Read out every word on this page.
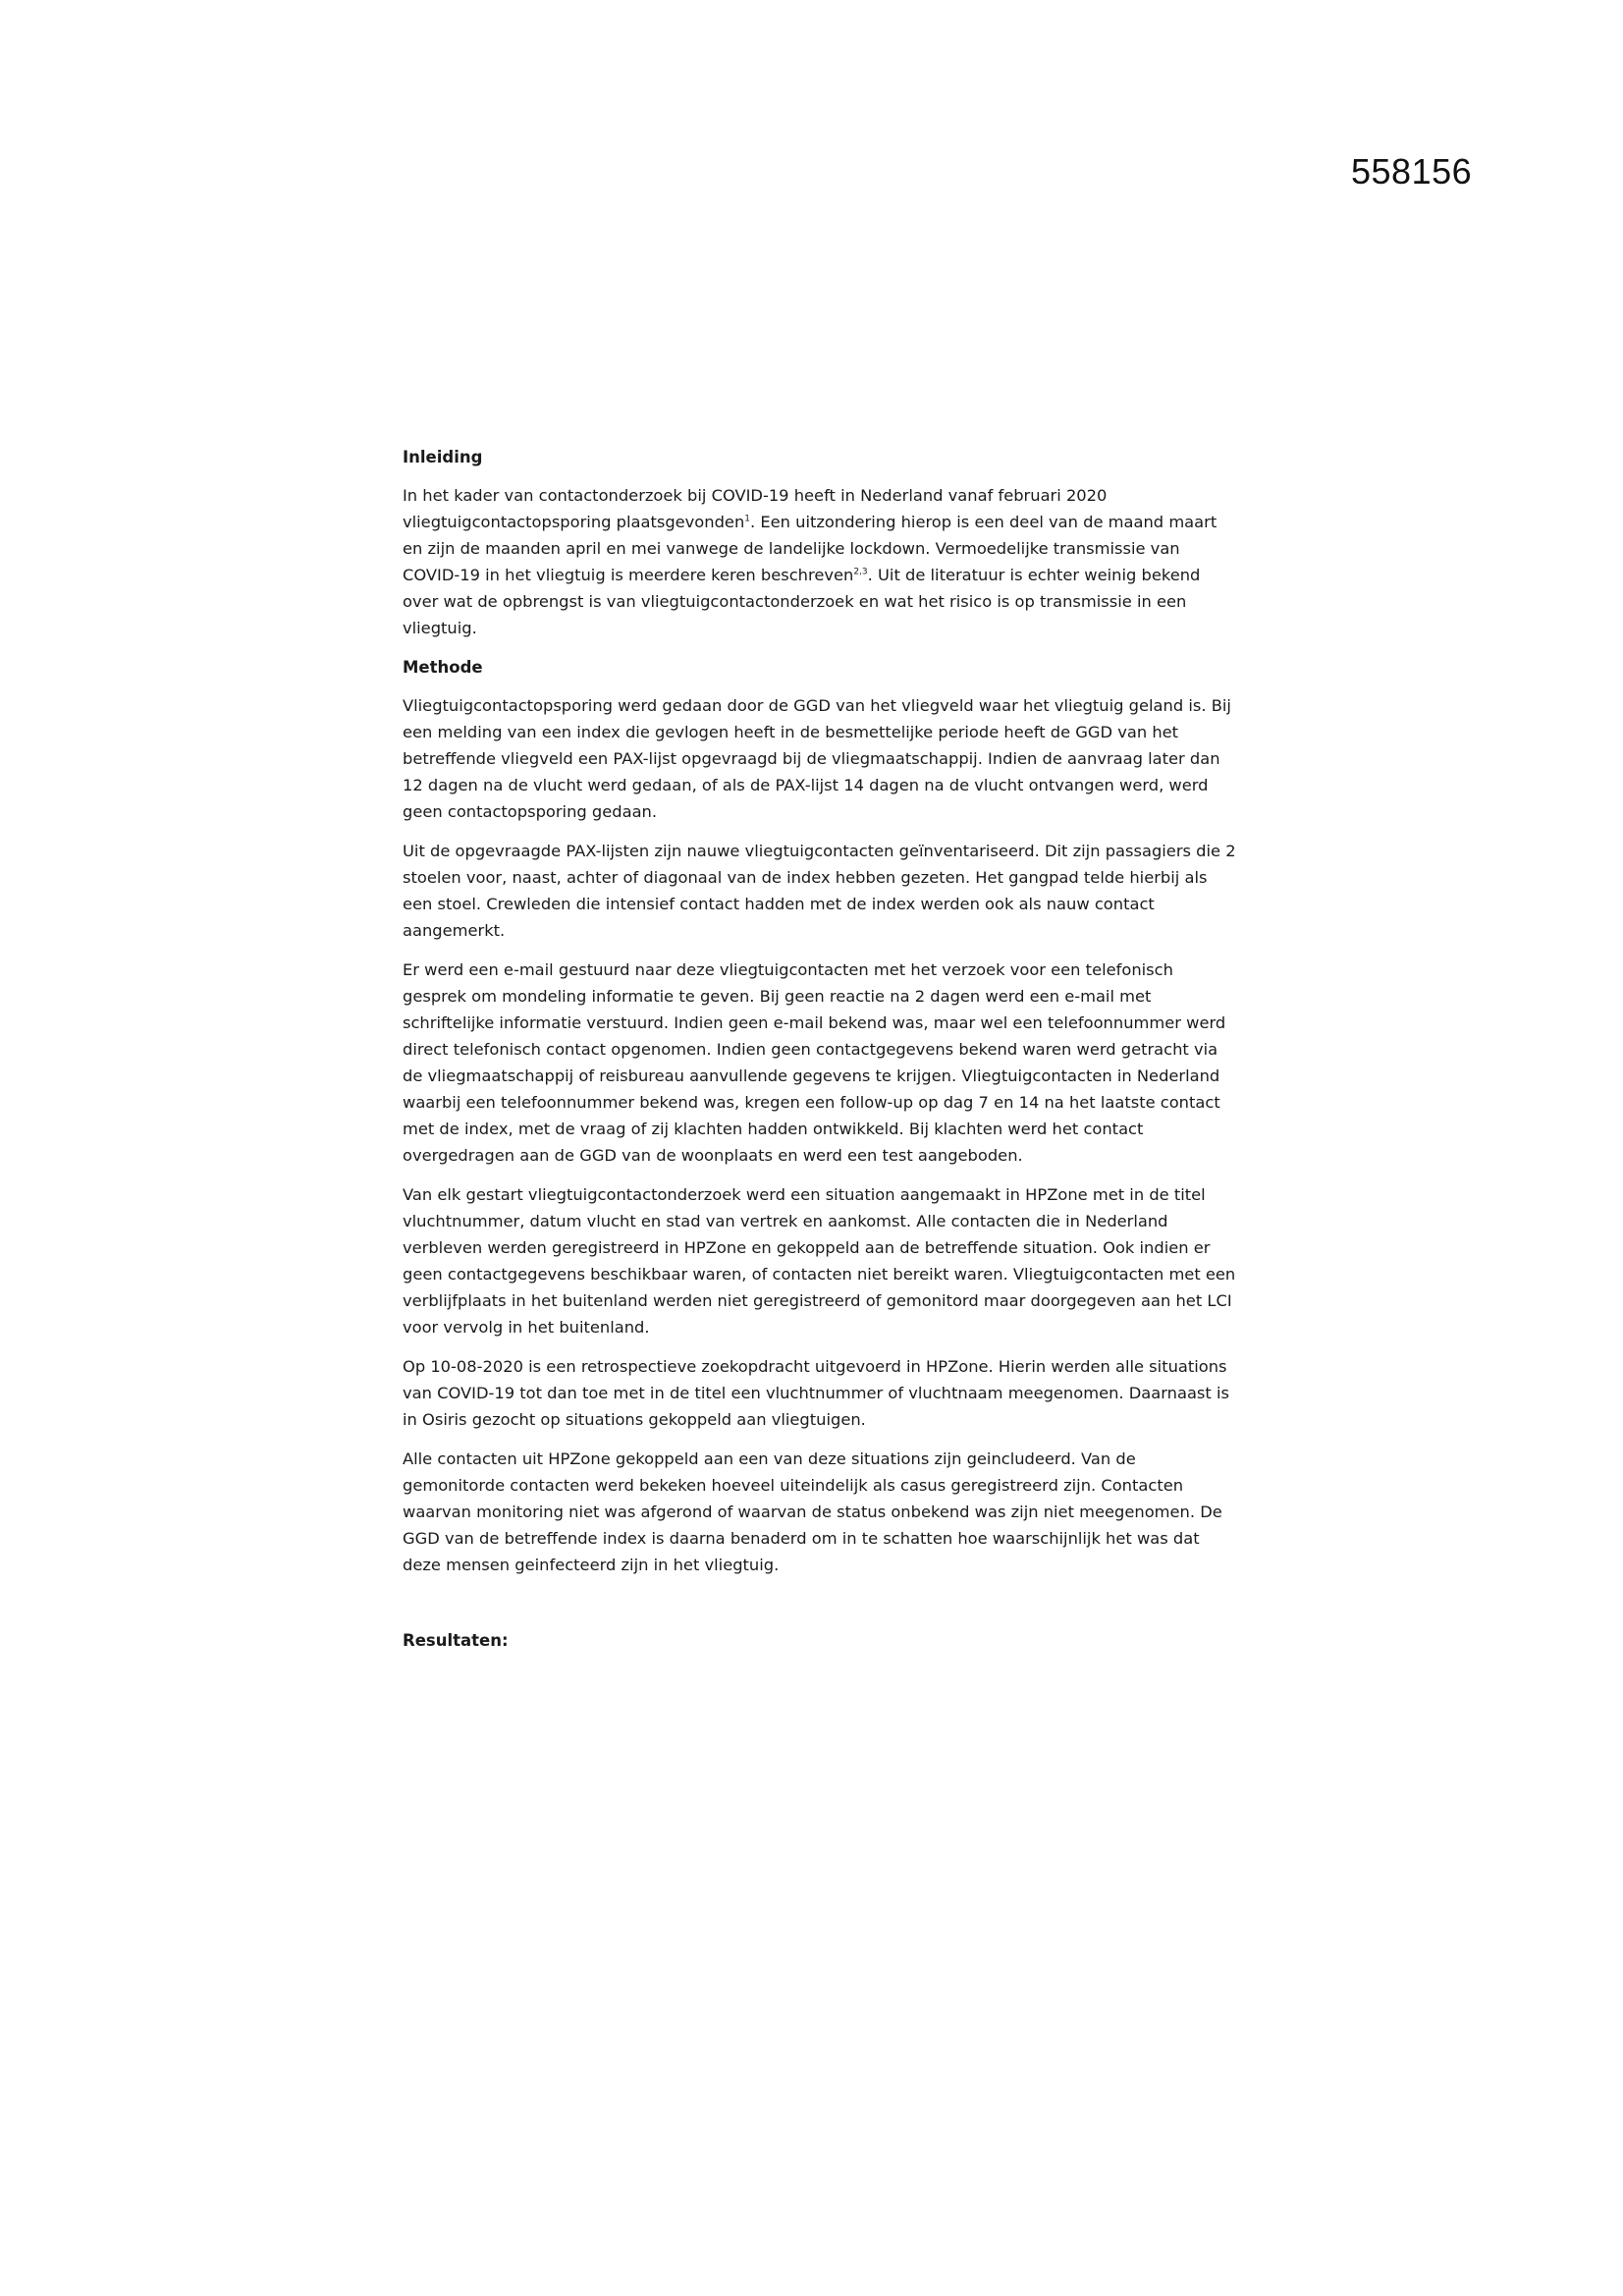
558156
Inleiding

In het kader van contactonderzoek bij COVID-19 heeft in Nederland vanaf februari 2020 vliegtuigcontactopsporing plaatsgevonden$^1$. Een uitzondering hierop is een deel van de maand maart en zijn de maanden april en mei vanwege de landelijke lockdown. Vermoedelijke transmissie van COVID-19 in het vliegtuig is meerdere keren beschreven$^{2,3}$. Uit de literatuur is echter weinig bekend over wat de opbrengst is van vliegtuigcontactonderzoek en wat het risico is op transmissie in een vliegtuig.

Methode

Vliegtuigcontactopsporing werd gedaan door de GGD van het vliegveld waar het vliegtuig geland is. Bij een melding van een index die gevlogen heeft in de besmettelijke periode heeft de GGD van het betreffende vliegveld een PAX-lijst opgevraagd bij de vliegmaatschappij. Indien de aanvraag later dan 12 dagen na de vlucht werd gedaan, of als de PAX-lijst 14 dagen na de vlucht ontvangen werd, werd geen contactopsporing gedaan.

Uit de opgevraagde PAX-lijsten zijn nauwe vliegtuigcontacten geïnventariseerd. Dit zijn passagiers die 2 stoelen voor, naast, achter of diagonaal van de index hebben gezeten. Het gangpad telde hierbij als een stoel. Crewleden die intensief contact hadden met de index werden ook als nauw contact aangemerkt.

Er werd een e-mail gestuurd naar deze vliegtuigcontacten met het verzoek voor een telefonisch gesprek om mondeling informatie te geven. Bij geen reactie na 2 dagen werd een e-mail met schriftelijke informatie verstuurd. Indien geen e-mail bekend was, maar wel een telefoonnummer werd direct telefonisch contact opgenomen. Indien geen contactgegevens bekend waren werd getracht via de vliegmaatschappij of reisbureau aanvullende gegevens te krijgen. Vliegtuigcontacten in Nederland waarbij een telefoonnummer bekend was, kregen een follow-up op dag 7 en 14 na het laatste contact met de index, met de vraag of zij klachten hadden ontwikkeld. Bij klachten werd het contact overgedragen aan de GGD van de woonplaats en werd een test aangeboden.

Van elk gestart vliegtuigcontactonderzoek werd een situation aangemaakt in HPZone met in de titel vluchtnummer, datum vlucht en stad van vertrek en aankomst. Alle contacten die in Nederland verbleven werden geregistreerd in HPZone en gekoppeld aan de betreffende situation. Ook indien er geen contactgegevens beschikbaar waren, of contacten niet bereikt waren. Vliegtuigcontacten met een verblijfplaats in het buitenland werden niet geregistreerd of gemonitord maar doorgegeven aan het LCI voor vervolg in het buitenland.

Op 10-08-2020 is een retrospectieve zoekopdracht uitgevoerd in HPZone. Hierin werden alle situations van COVID-19 tot dan toe met in de titel een vluchtnummer of vluchtnaam meegenomen. Daarnaast is in Osiris gezocht op situations gekoppeld aan vliegtuigen.

Alle contacten uit HPZone gekoppeld aan een van deze situations zijn geincludeerd. Van de gemonitorde contacten werd bekeken hoeveel uiteindelijk als casus geregistreerd zijn. Contacten waarvan monitoring niet was afgerond of waarvan de status onbekend was zijn niet meegenomen. De GGD van de betreffende index is daarna benaderd om in te schatten hoe waarschijnlijk het was dat deze mensen geinfecteerd zijn in het vliegtuig.

Resultaten:
